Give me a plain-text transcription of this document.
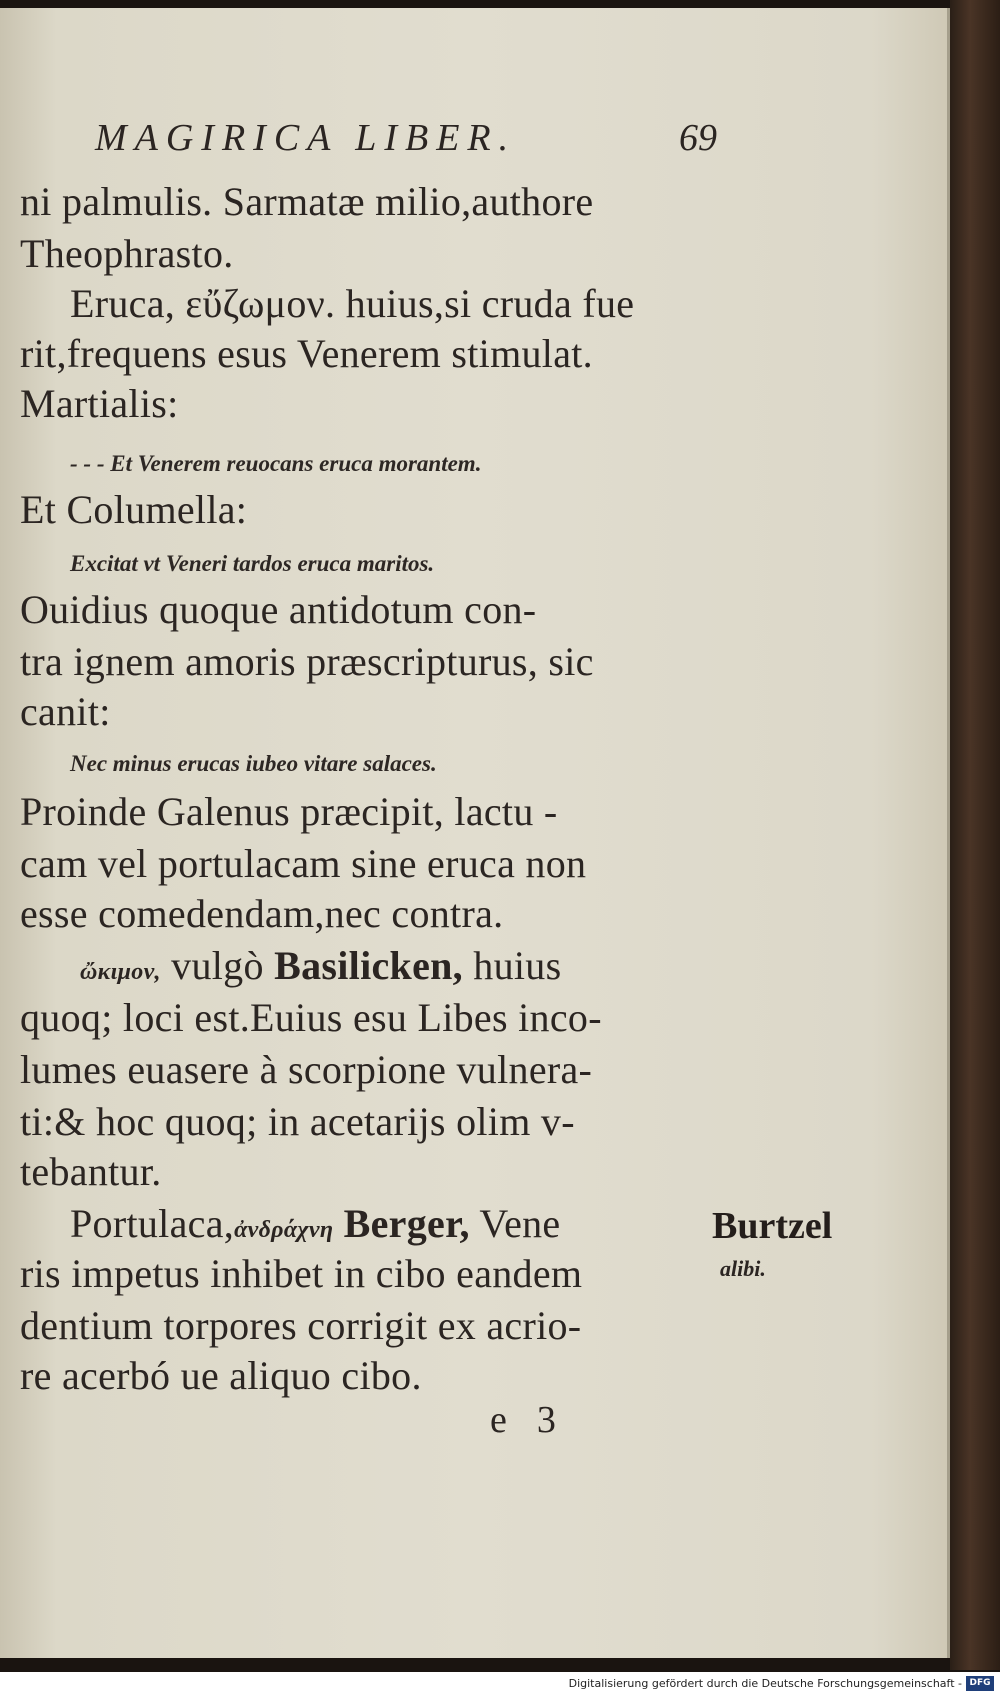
MAGIRICA LIBER.	69
ni palmulis. Sarmatæ milio,authore
Theophrasto.
Eruca, εὔζωμον. huius,si cruda fue
rit,frequens esus Venerem stimulat.
Martialis:
- - - Et Venerem reuocans eruca morantem.
Et Columella:
Excitat vt Veneri tardos eruca maritos.
Ouidius quoque antidotum con-
tra ignem amoris præscripturus, sic
canit:
Nec minus erucas iubeo vitare salaces.
Proinde Galenus præcipit, lactu -
cam vel portulacam sine eruca non
esse comedendam,nec contra.
ὤκιμον, vulgò Basilicken, huius
quoq; loci est.Euius esu Libes inco-
lumes euasere à scorpione vulnera-
ti:& hoc quoq; in acetarijs olim v-
tebantur.
Portulaca,ἀνδράχνη Berger, Vene
ris impetus inhibet in cibo eandem
dentium torpores corrigit ex acrio-
re acerbó ue aliquo cibo.
Burtzel
alibi.
e3
Digitalisierung gefördert durch die Deutsche Forschungsgemeinschaft - DFG
